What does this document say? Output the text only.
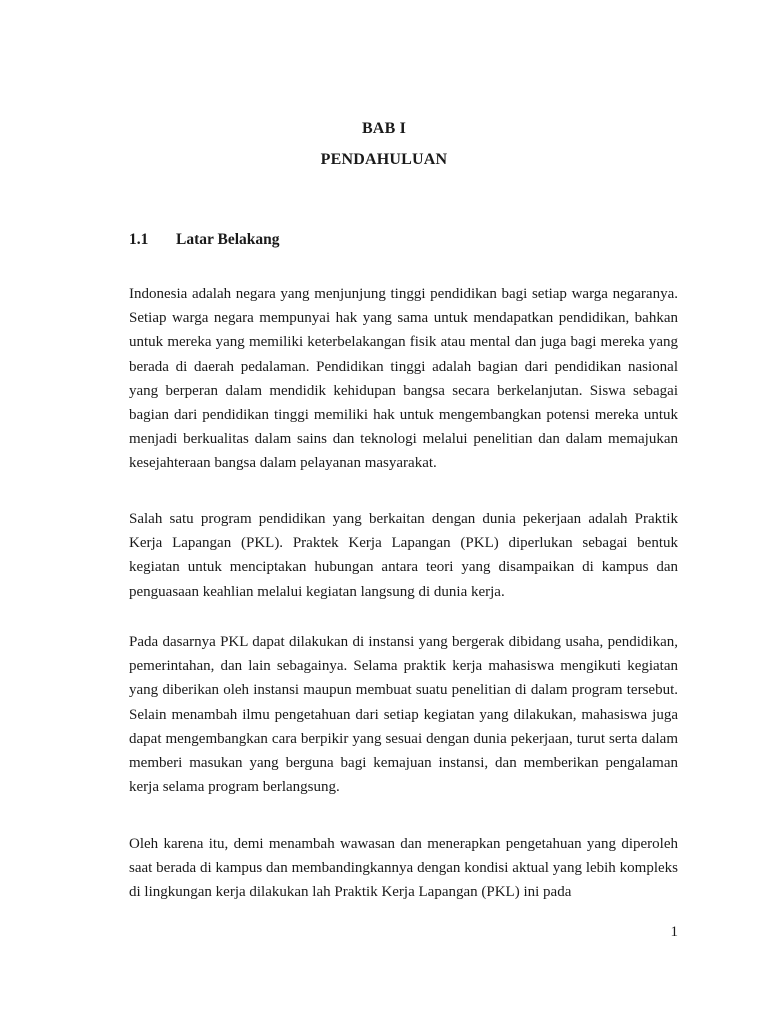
BAB I
PENDAHULUAN
1.1 Latar Belakang

Indonesia adalah negara yang menjunjung tinggi pendidikan bagi setiap warga negaranya. Setiap warga negara mempunyai hak yang sama untuk mendapatkan pendidikan, bahkan untuk mereka yang memiliki keterbelakangan fisik atau mental dan juga bagi mereka yang berada di daerah pedalaman. Pendidikan tinggi adalah bagian dari pendidikan nasional yang berperan dalam mendidik kehidupan bangsa secara berkelanjutan. Siswa sebagai bagian dari pendidikan tinggi memiliki hak untuk mengembangkan potensi mereka untuk menjadi berkualitas dalam sains dan teknologi melalui penelitian dan dalam memajukan kesejahteraan bangsa dalam pelayanan masyarakat.

Salah satu program pendidikan yang berkaitan dengan dunia pekerjaan adalah Praktik Kerja Lapangan (PKL). Praktek Kerja Lapangan (PKL) diperlukan sebagai bentuk kegiatan untuk menciptakan hubungan antara teori yang disampaikan di kampus dan penguasaan keahlian melalui kegiatan langsung di dunia kerja.

Pada dasarnya PKL dapat dilakukan di instansi yang bergerak dibidang usaha, pendidikan, pemerintahan, dan lain sebagainya. Selama praktik kerja mahasiswa mengikuti kegiatan yang diberikan oleh instansi maupun membuat suatu penelitian di dalam program tersebut. Selain menambah ilmu pengetahuan dari setiap kegiatan yang dilakukan, mahasiswa juga dapat mengembangkan cara berpikir yang sesuai dengan dunia pekerjaan, turut serta dalam memberi masukan yang berguna bagi kemajuan instansi, dan memberikan pengalaman kerja selama program berlangsung.

Oleh karena itu, demi menambah wawasan dan menerapkan pengetahuan yang diperoleh saat berada di kampus dan membandingkannya dengan kondisi aktual yang lebih kompleks di lingkungan kerja dilakukan lah Praktik Kerja Lapangan (PKL) ini pada

1
